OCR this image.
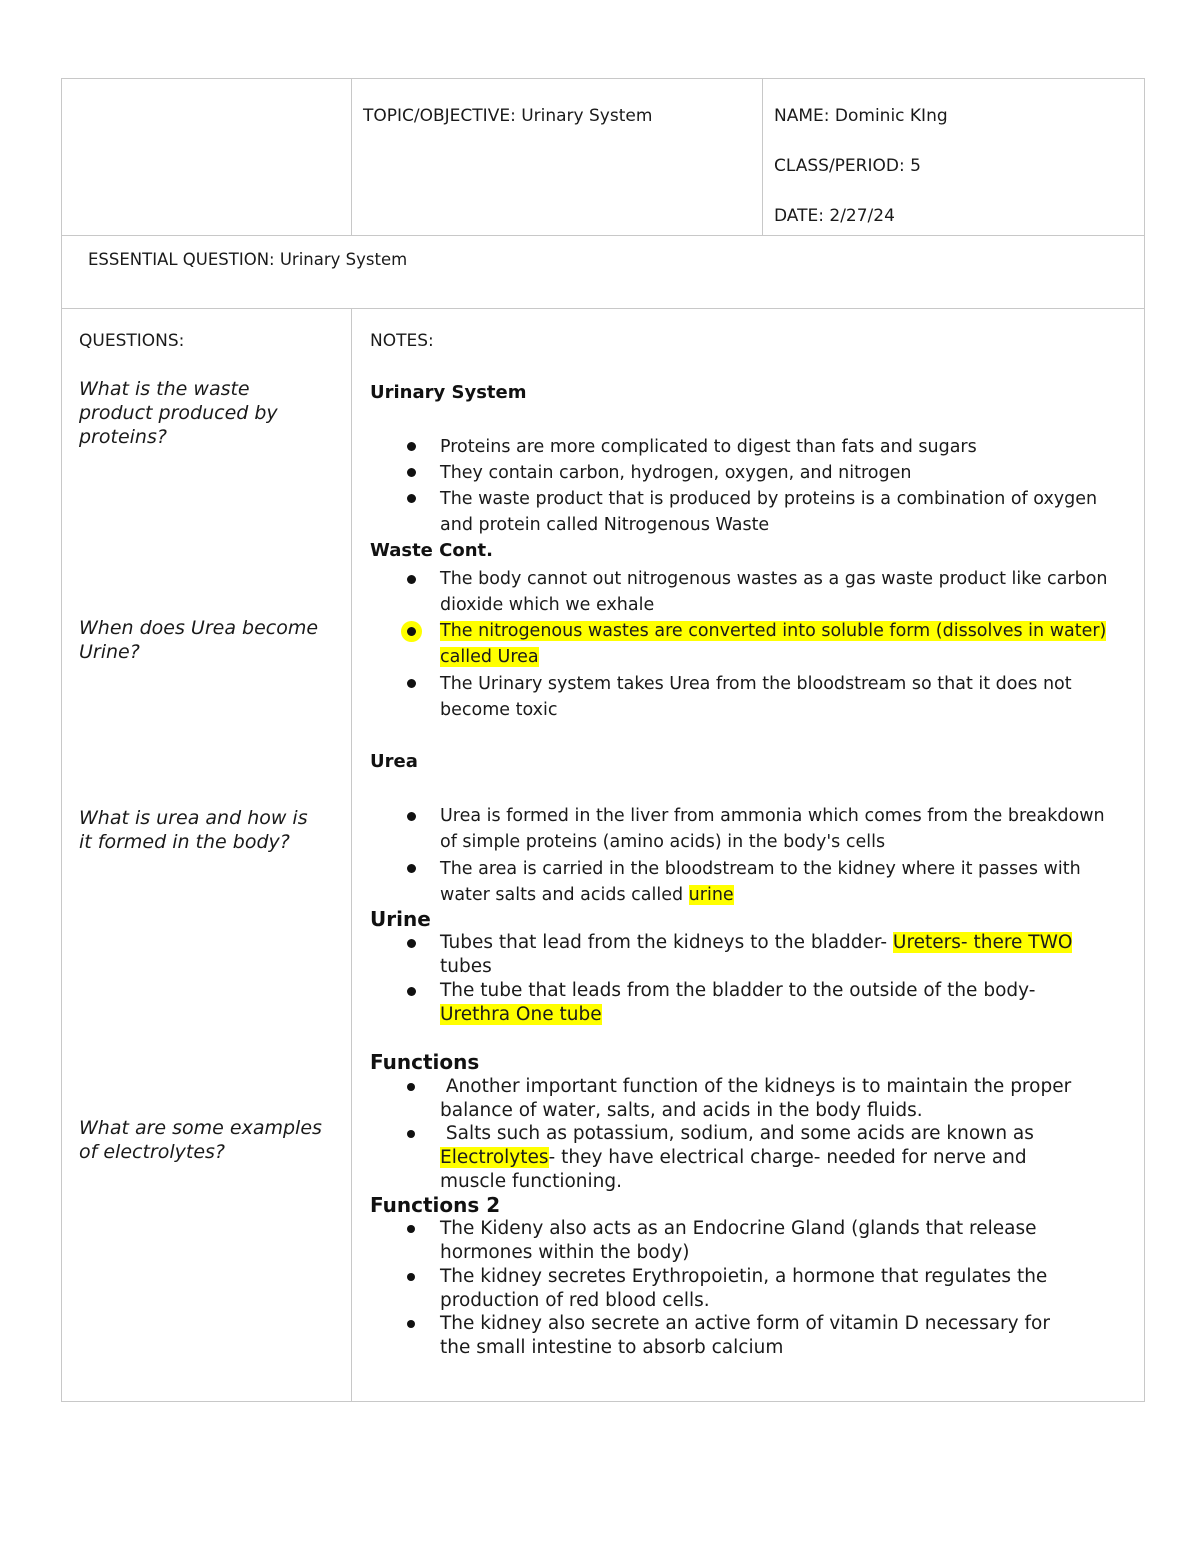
TOPIC/OBJECTIVE: Urinary System	NAME: Dominic KIng
CLASS/PERIOD: 5
DATE: 2/27/24
ESSENTIAL QUESTION: Urinary System
QUESTIONS:
What is the waste
product produced by
proteins?
When does Urea become
Urine?
What is urea and how is
it formed in the body?
What are some examples
of electrolytes?
NOTES:
Urinary System
Proteins are more complicated to digest than fats and sugars
They contain carbon, hydrogen, oxygen, and nitrogen
The waste product that is produced by proteins is a combination of oxygen
and protein called Nitrogenous Waste
Waste Cont.
The body cannot out nitrogenous wastes as a gas waste product like carbon
dioxide which we exhale
The nitrogenous wastes are converted into soluble form (dissolves in water)
called Urea
The Urinary system takes Urea from the bloodstream so that it does not
become toxic
Urea
Urea is formed in the liver from ammonia which comes from the breakdown
of simple proteins (amino acids) in the body's cells
The area is carried in the bloodstream to the kidney where it passes with
water salts and acids called urine
Urine
Tubes that lead from the kidneys to the bladder- Ureters- there TWO
tubes
The tube that leads from the bladder to the outside of the body-
Urethra One tube
Functions
Another important function of the kidneys is to maintain the proper
balance of water, salts, and acids in the body fluids.
Salts such as potassium, sodium, and some acids are known as
Electrolytes- they have electrical charge- needed for nerve and
muscle functioning.
Functions 2
The Kideny also acts as an Endocrine Gland (glands that release
hormones within the body)
The kidney secretes Erythropoietin, a hormone that regulates the
production of red blood cells.
The kidney also secrete an active form of vitamin D necessary for
the small intestine to absorb calcium
